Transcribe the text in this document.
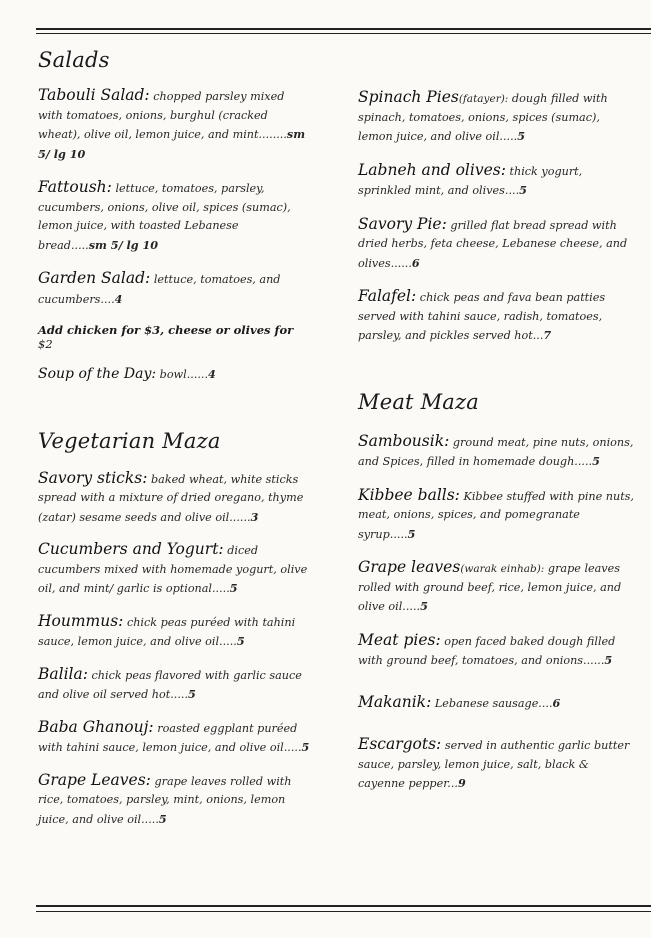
Salads
Tabouli Salad: chopped parsley mixed with tomatoes, onions, burghul (cracked wheat), olive oil, lemon juice, and mint........sm 5/ lg 10
Fattoush: lettuce, tomatoes, parsley, cucumbers, onions, olive oil, spices (sumac), lemon juice, with toasted Lebanese bread.....sm 5/ lg 10
Garden Salad: lettuce, tomatoes, and cucumbers....4
Add chicken for $3, cheese or olives for $2
Soup of the Day: bowl......4
Vegetarian Maza
Savory sticks: baked wheat, white sticks spread with a mixture of dried oregano, thyme (zatar) sesame seeds and olive oil......3
Cucumbers and Yogurt: diced cucumbers mixed with homemade yogurt, olive oil, and mint/ garlic is optional.....5
Hoummus: chick peas puréed with tahini sauce, lemon juice, and olive oil.....5
Balila: chick peas flavored with garlic sauce and olive oil served hot.....5
Baba Ghanouj: roasted eggplant puréed with tahini sauce, lemon juice, and olive oil.....5
Grape Leaves: grape leaves rolled with rice, tomatoes, parsley, mint, onions, lemon juice, and olive oil.....5
Spinach Pies(fatayer): dough filled with spinach, tomatoes, onions, spices (sumac), lemon juice, and olive oil.....5
Labneh and olives: thick yogurt, sprinkled mint, and olives....5
Savory Pie: grilled flat bread spread with dried herbs, feta cheese, Lebanese cheese, and olives......6
Falafel: chick peas and fava bean patties served with tahini sauce, radish, tomatoes, parsley, and pickles served hot...7
Meat Maza
Sambousik: ground meat, pine nuts, onions, and Spices, filled in homemade dough.....5
Kibbee balls: Kibbee stuffed with pine nuts, meat, onions, spices, and pomegranate syrup.....5
Grape leaves(warak einhab): grape leaves rolled with ground beef, rice, lemon juice, and olive oil.....5
Meat pies: open faced baked dough filled with ground beef, tomatoes, and onions......5
Makanik: Lebanese sausage....6
Escargots: served in authentic garlic butter sauce, parsley, lemon juice, salt, black & cayenne pepper...9
